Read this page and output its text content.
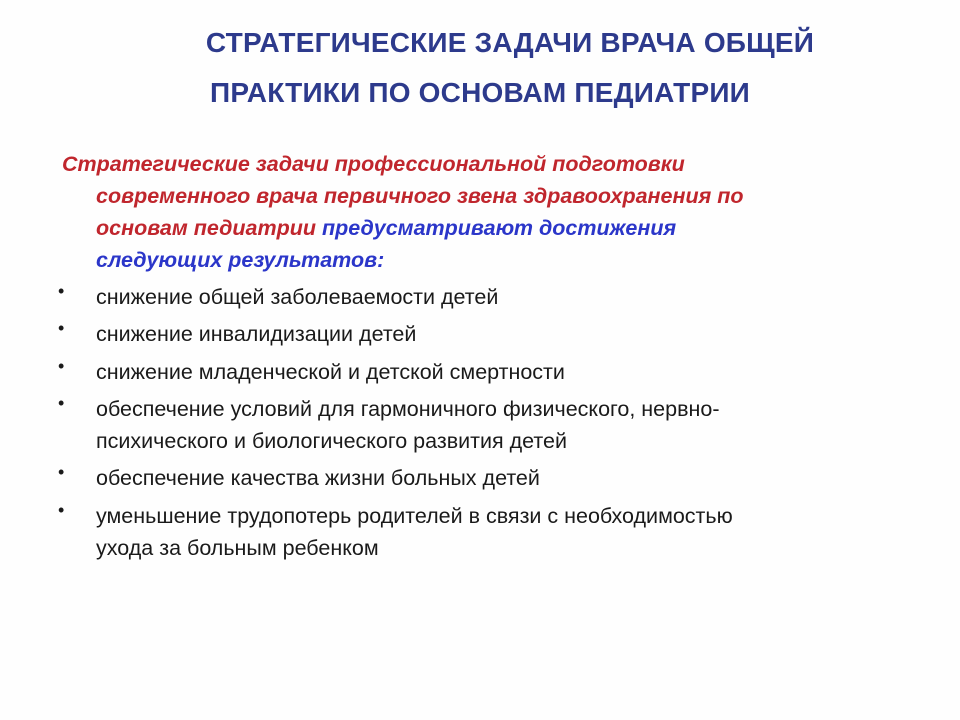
СТРАТЕГИЧЕСКИЕ ЗАДАЧИ ВРАЧА ОБЩЕЙ
ПРАКТИКИ ПО ОСНОВАМ ПЕДИАТРИИ
Стратегические задачи профессиональной подготовки
современного врача первичного звена здравоохранения по
основам педиатрии предусматривают достижения
следующих результатов:
• снижение общей заболеваемости детей
• снижение инвалидизации детей
• снижение младенческой и детской смертности
• обеспечение условий для гармоничного физического, нервно-
психического и биологического развития детей
• обеспечение качества жизни больных детей
• уменьшение трудопотерь родителей в связи с необходимостью
ухода за больным ребенком
